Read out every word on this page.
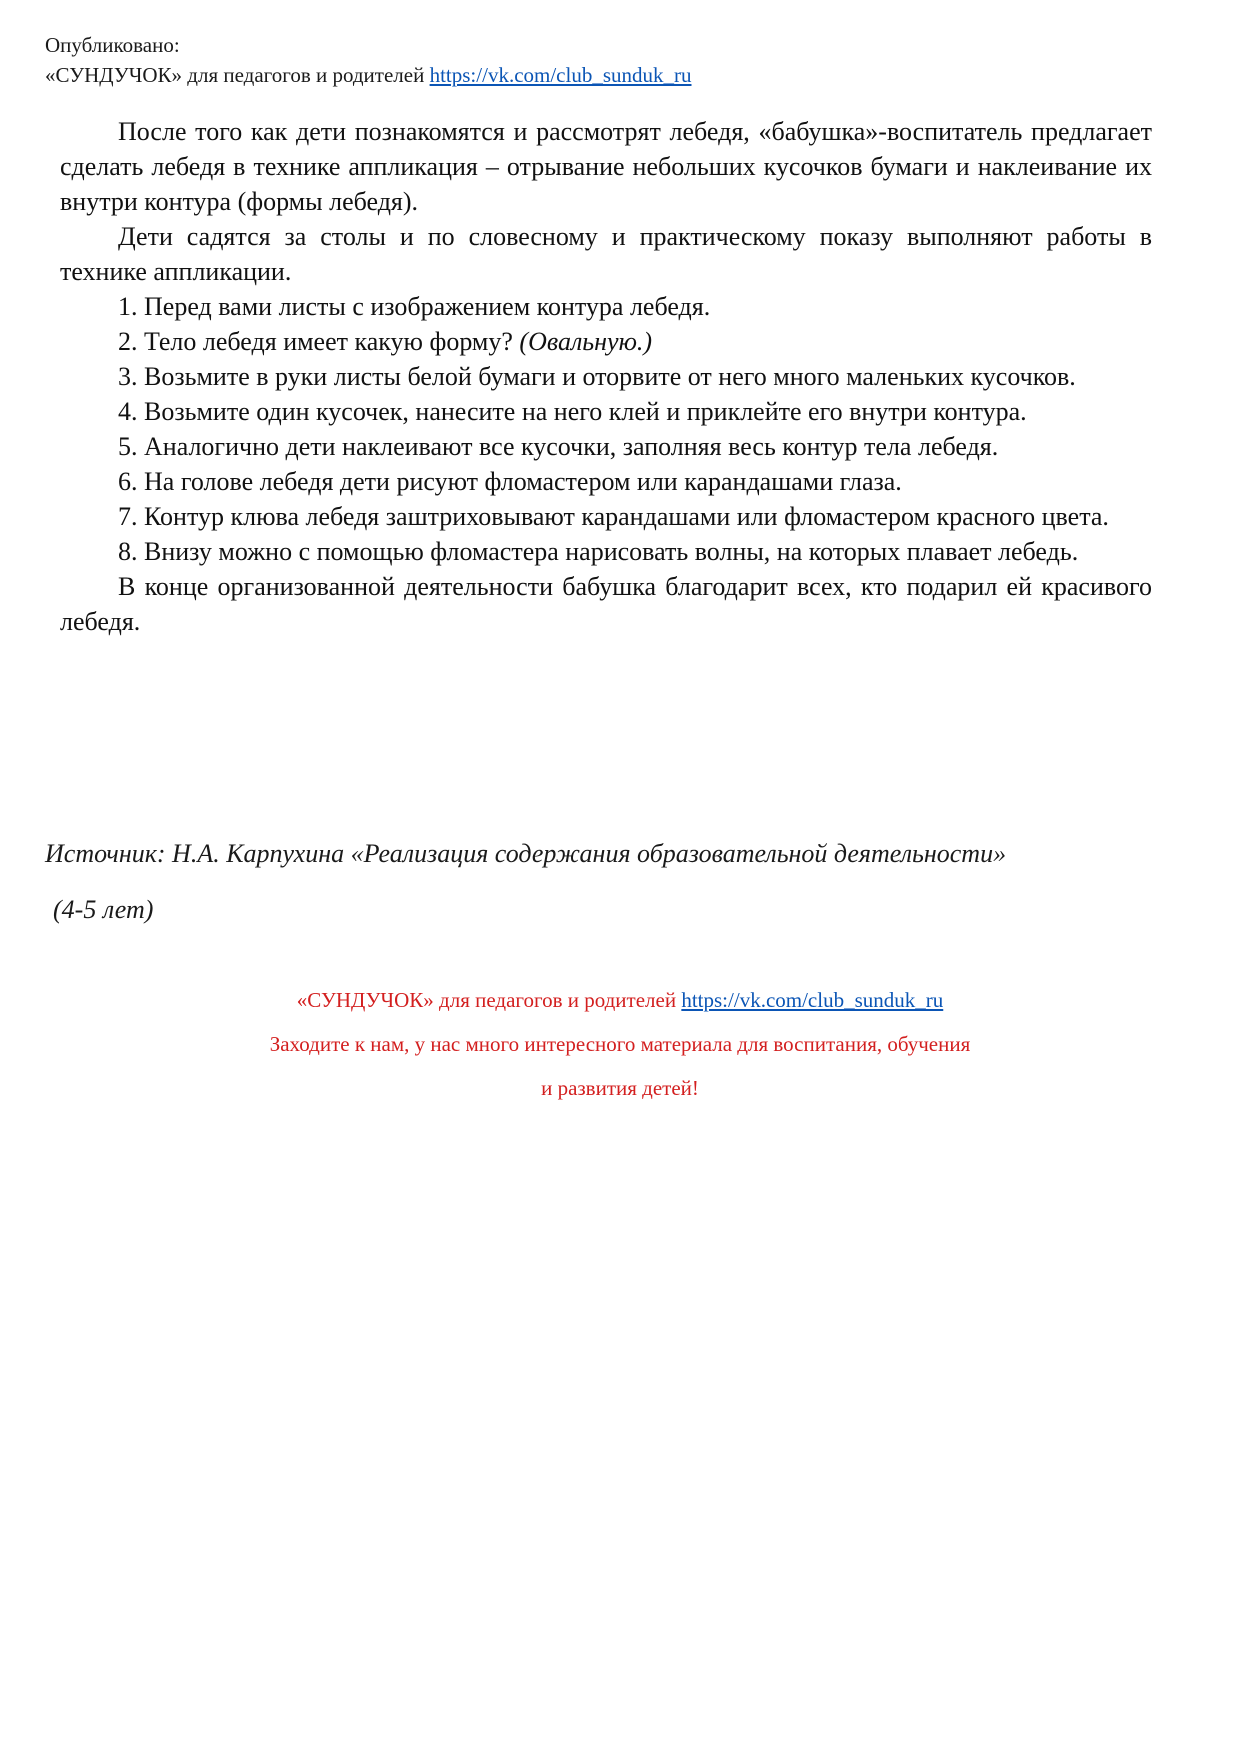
Опубликовано:
«СУНДУЧОК» для педагогов и родителей https://vk.com/club_sunduk_ru

После того как дети познакомятся и рассмотрят лебедя, «бабушка»-воспитатель предлагает сделать лебедя в технике аппликация – отрывание небольших кусочков бумаги и наклеивание их внутри контура (формы лебедя).

Дети садятся за столы и по словесному и практическому показу выполняют работы в технике аппликации.

1. Перед вами листы с изображением контура лебедя.
2. Тело лебедя имеет какую форму? (Овальную.)
3. Возьмите в руки листы белой бумаги и оторвите от него много маленьких кусочков.
4. Возьмите один кусочек, нанесите на него клей и приклейте его внутри контура.
5. Аналогично дети наклеивают все кусочки, заполняя весь контур тела лебедя.
6. На голове лебедя дети рисуют фломастером или карандашами глаза.
7. Контур клюва лебедя заштриховывают карандашами или фломастером красного цвета.
8. Внизу можно с помощью фломастера нарисовать волны, на которых плавает лебедь.

В конце организованной деятельности бабушка благодарит всех, кто подарил ей красивого лебедя.

Источник: Н.А. Карпухина «Реализация содержания образовательной деятельности»
(4-5 лет)
«СУНДУЧОК» для педагогов и родителей https://vk.com/club_sunduk_ru
Заходите к нам, у нас много интересного материала для воспитания, обучения
и развития детей!
